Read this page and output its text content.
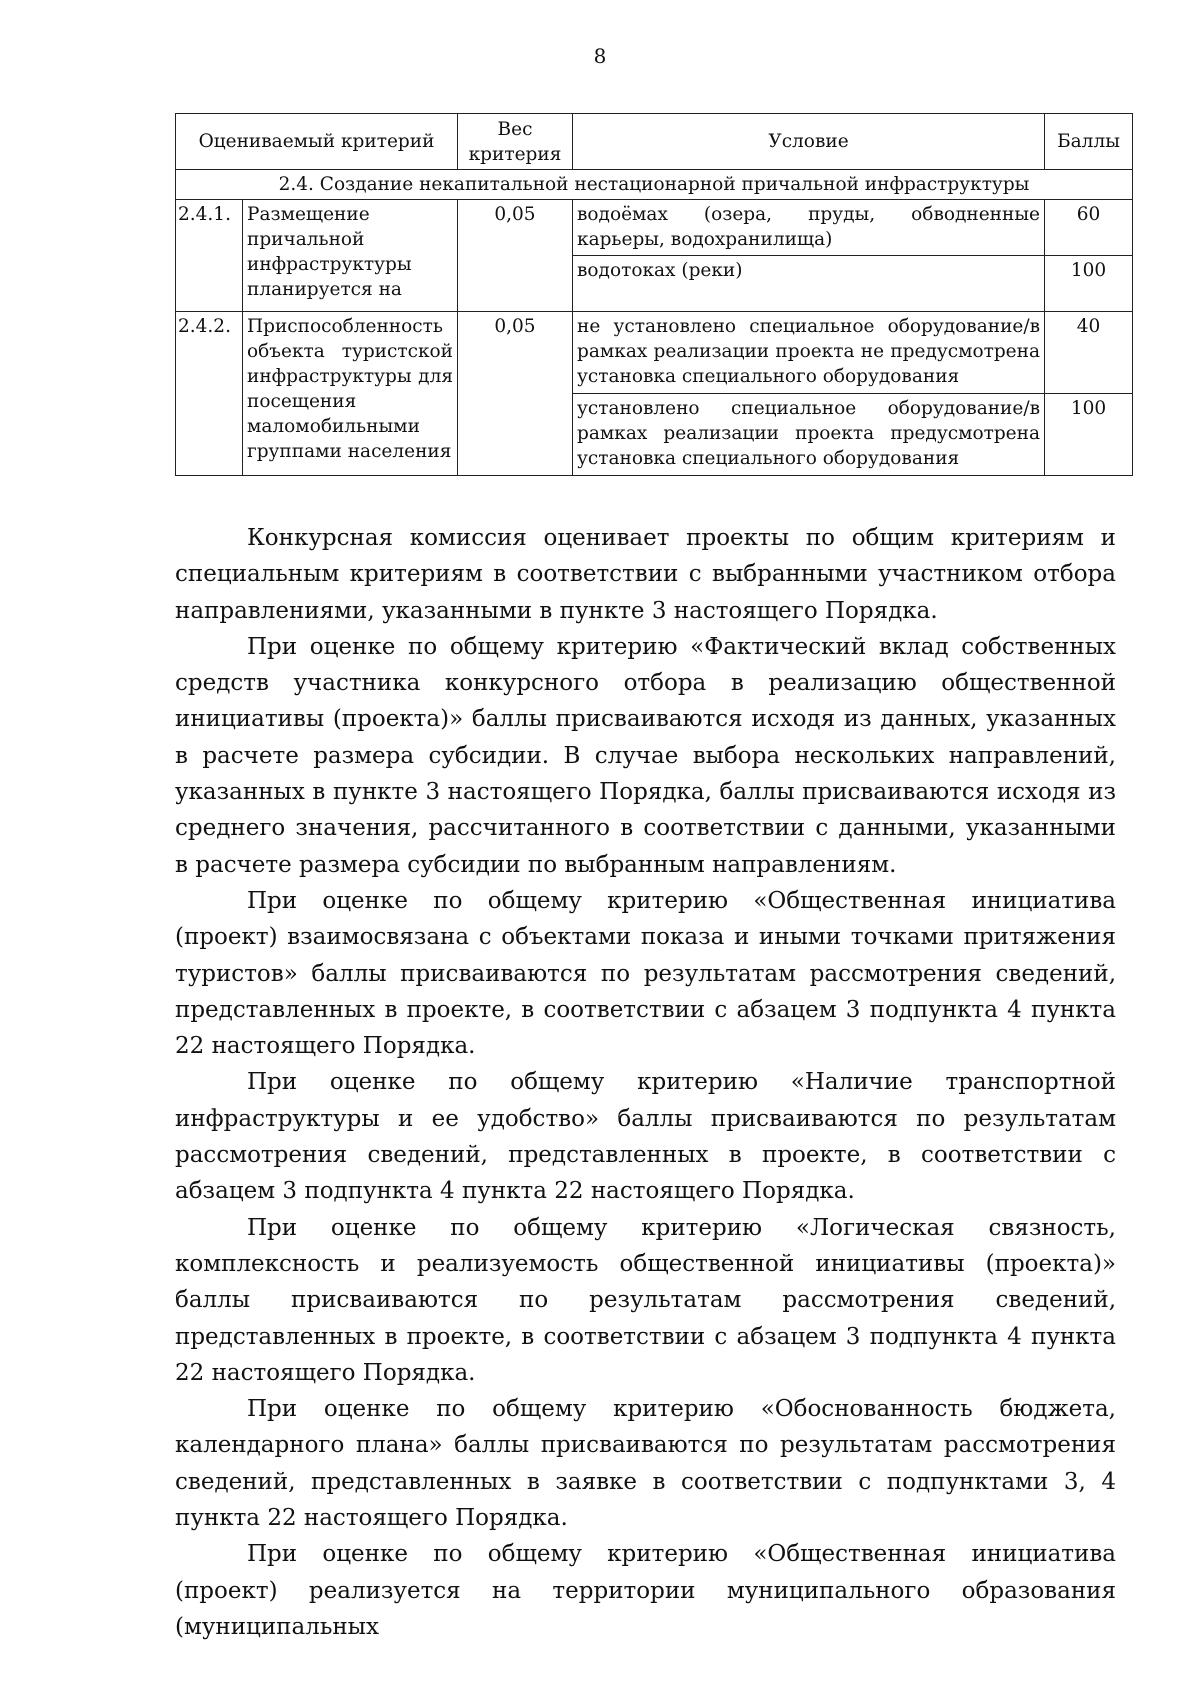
8
Оцениваемый критерий		Вес критерия	Условие	Баллы
2.4. Создание некапитальной нестационарной причальной инфраструктуры				
2.4.1.	Размещение причальной инфраструктуры планируется на	0,05	водоёмах (озера, пруды, обводненные карьеры, водохранилища)	60
			водотоках (реки)	100
2.4.2.	Приспособленность объекта туристской инфраструктуры для посещения маломобильными группами населения	0,05	не установлено специальное оборудование/в рамках реализации проекта не предусмотрена установка специального оборудования	40
			установлено специальное оборудование/в рамках реализации проекта предусмотрена установка специального оборудования	100

Конкурсная комиссия оценивает проекты по общим критериям и специальным критериям в соответствии с выбранными участником отбора направлениями, указанными в пункте 3 настоящего Порядка.

При оценке по общему критерию «Фактический вклад собственных средств участника конкурсного отбора в реализацию общественной инициативы (проекта)» баллы присваиваются исходя из данных, указанных в расчете размера субсидии. В случае выбора нескольких направлений, указанных в пункте 3 настоящего Порядка, баллы присваиваются исходя из среднего значения, рассчитанного в соответствии с данными, указанными в расчете размера субсидии по выбранным направлениям.

При оценке по общему критерию «Общественная инициатива (проект) взаимосвязана с объектами показа и иными точками притяжения туристов» баллы присваиваются по результатам рассмотрения сведений, представленных в проекте, в соответствии с абзацем 3 подпункта 4 пункта 22 настоящего Порядка.

При оценке по общему критерию «Наличие транспортной инфраструктуры и ее удобство» баллы присваиваются по результатам рассмотрения сведений, представленных в проекте, в соответствии с абзацем 3 подпункта 4 пункта 22 настоящего Порядка.

При оценке по общему критерию «Логическая связность, комплексность и реализуемость общественной инициативы (проекта)» баллы присваиваются по результатам рассмотрения сведений, представленных в проекте, в соответствии с абзацем 3 подпункта 4 пункта 22 настоящего Порядка.

При оценке по общему критерию «Обоснованность бюджета, календарного плана» баллы присваиваются по результатам рассмотрения сведений, представленных в заявке в соответствии с подпунктами 3, 4 пункта 22 настоящего Порядка.

При оценке по общему критерию «Общественная инициатива (проект) реализуется на территории муниципального образования (муниципальных
